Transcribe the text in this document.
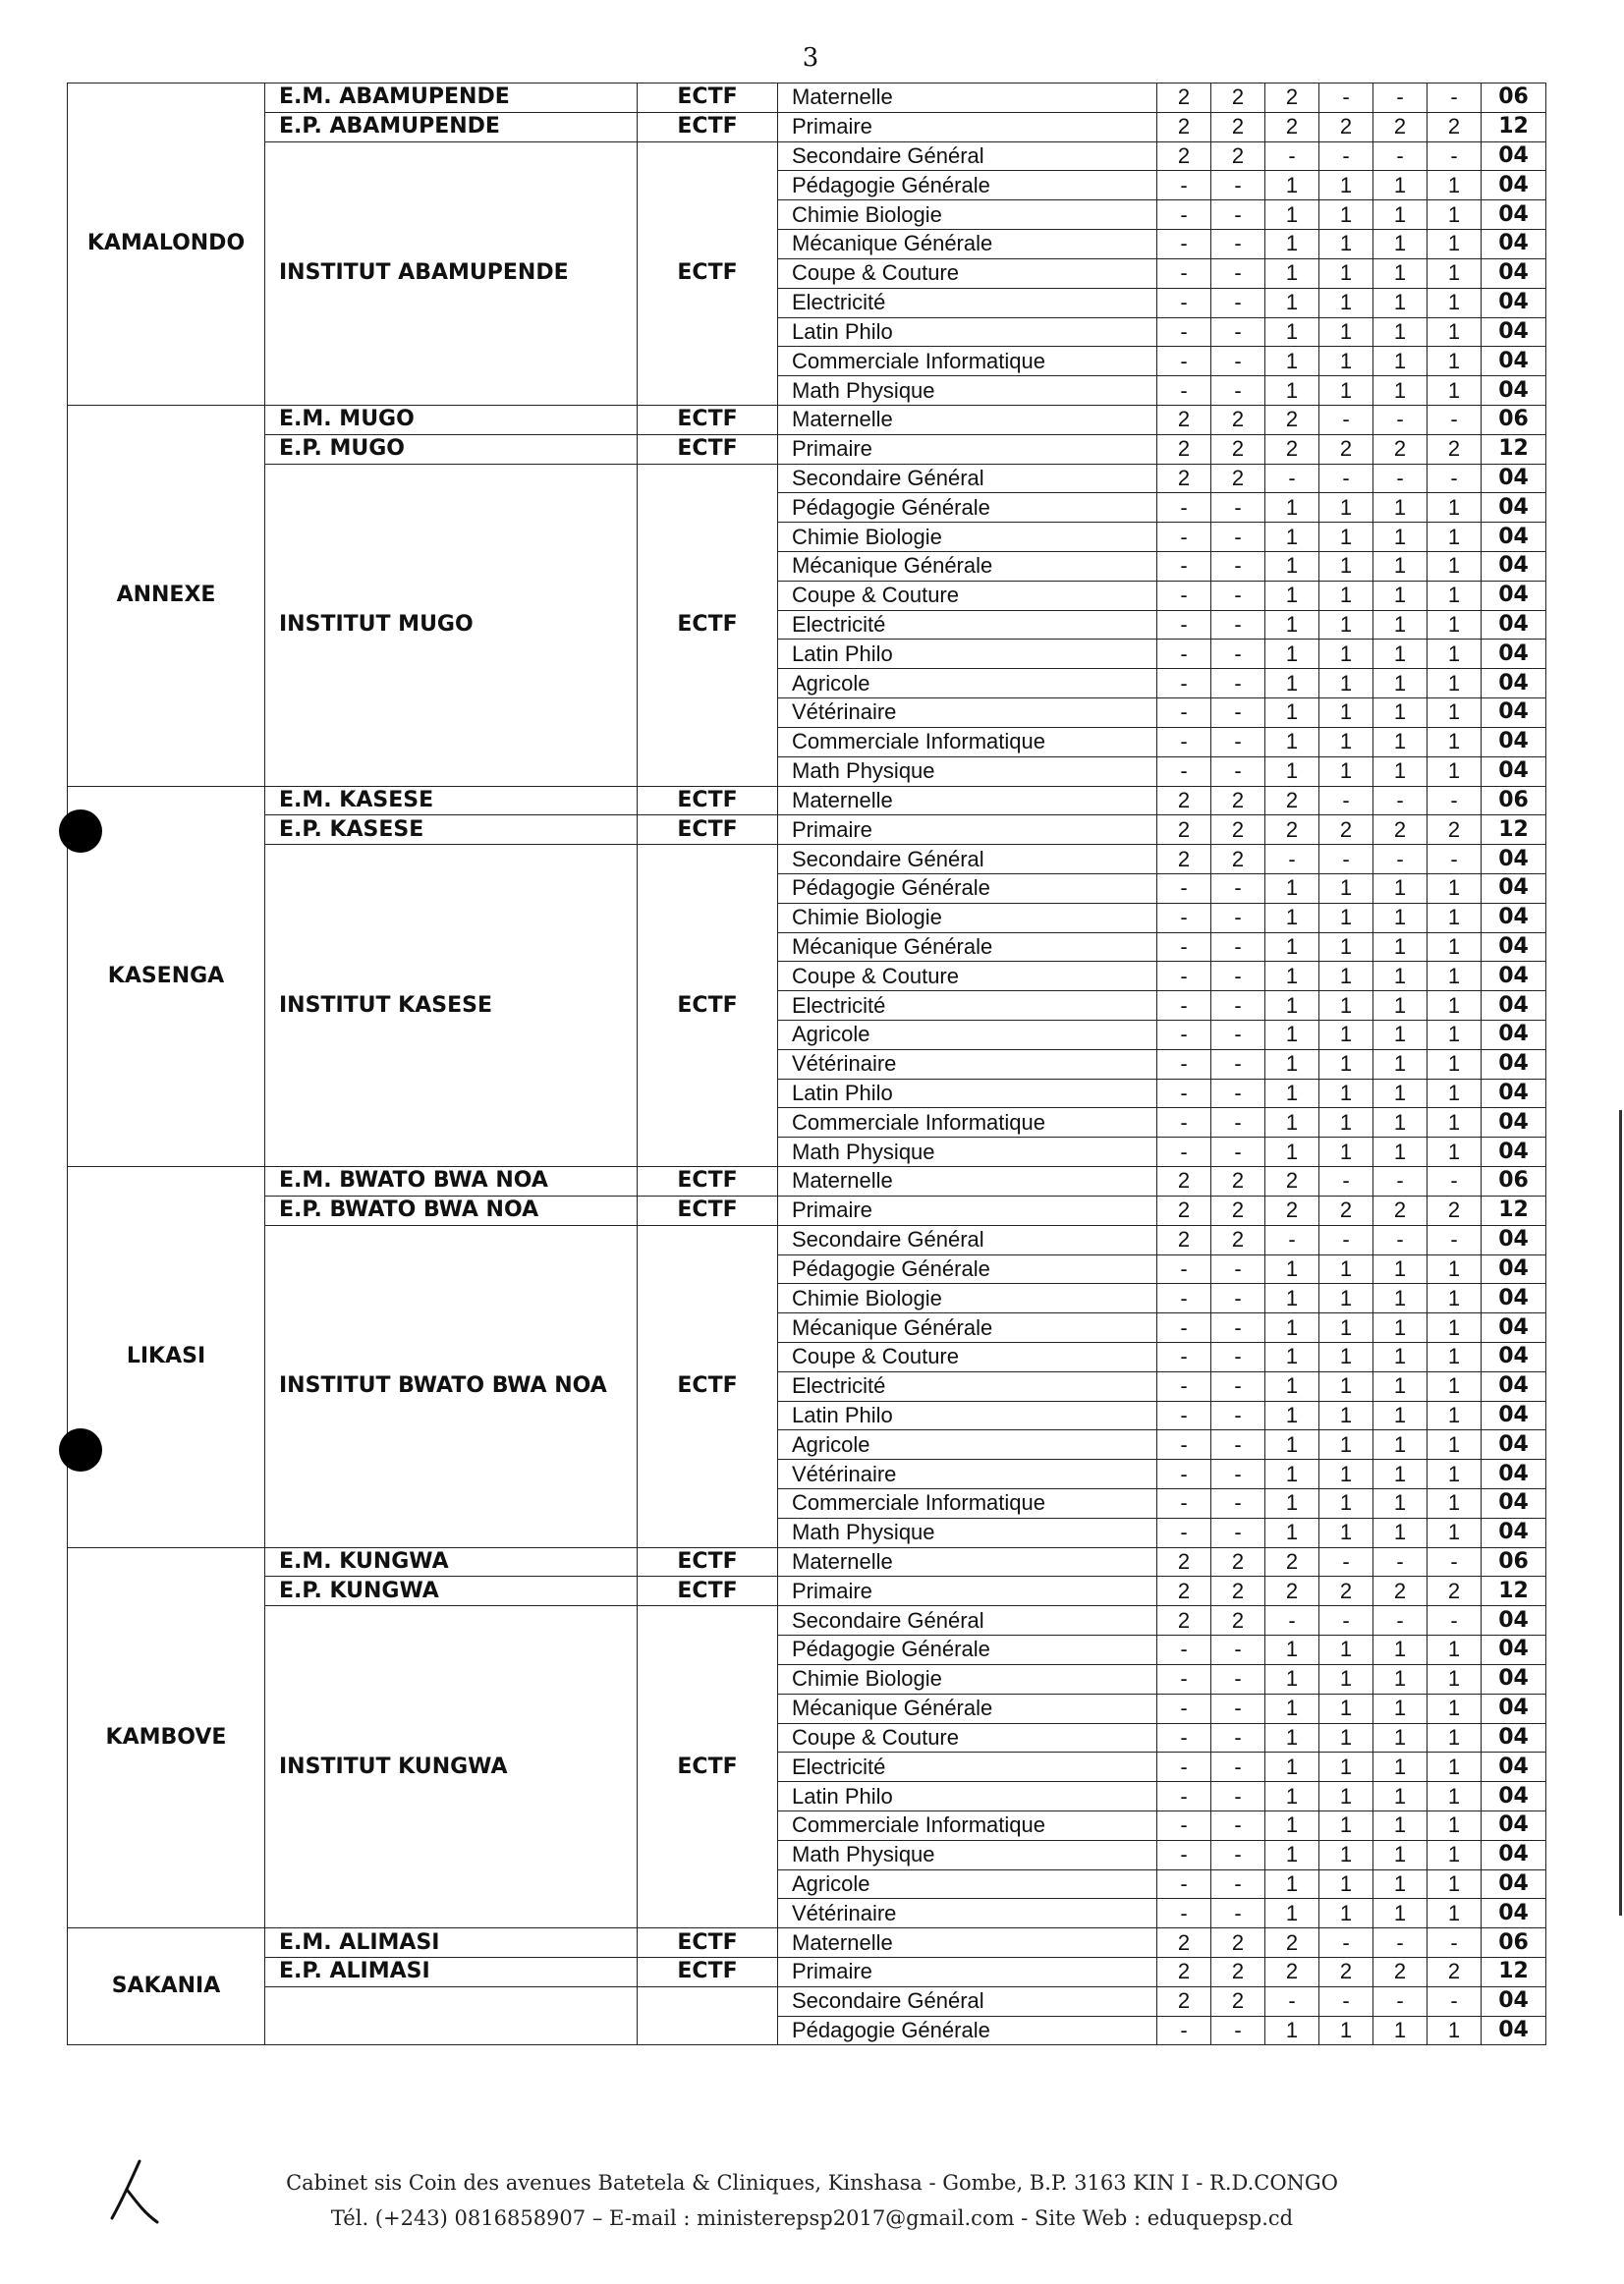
3
KAMALONDO	E.M. ABAMUPENDE	ECTF	Maternelle	2	2	2	-	-	-	06
	E.P. ABAMUPENDE	ECTF	Primaire	2	2	2	2	2	2	12
	INSTITUT ABAMUPENDE	ECTF	Secondaire Général	2	2	-	-	-	-	04
			Pédagogie Générale	-	-	1	1	1	1	04
			Chimie Biologie	-	-	1	1	1	1	04
			Mécanique Générale	-	-	1	1	1	1	04
			Coupe & Couture	-	-	1	1	1	1	04
			Electricité	-	-	1	1	1	1	04
			Latin Philo	-	-	1	1	1	1	04
			Commerciale Informatique	-	-	1	1	1	1	04
			Math Physique	-	-	1	1	1	1	04
ANNEXE	E.M. MUGO	ECTF	Maternelle	2	2	2	-	-	-	06
	E.P. MUGO	ECTF	Primaire	2	2	2	2	2	2	12
	INSTITUT MUGO	ECTF	Secondaire Général	2	2	-	-	-	-	04
			Pédagogie Générale	-	-	1	1	1	1	04
			Chimie Biologie	-	-	1	1	1	1	04
			Mécanique Générale	-	-	1	1	1	1	04
			Coupe & Couture	-	-	1	1	1	1	04
			Electricité	-	-	1	1	1	1	04
			Latin Philo	-	-	1	1	1	1	04
			Agricole	-	-	1	1	1	1	04
			Vétérinaire	-	-	1	1	1	1	04
			Commerciale Informatique	-	-	1	1	1	1	04
			Math Physique	-	-	1	1	1	1	04
KASENGA	E.M. KASESE	ECTF	Maternelle	2	2	2	-	-	-	06
	E.P. KASESE	ECTF	Primaire	2	2	2	2	2	2	12
	INSTITUT KASESE	ECTF	Secondaire Général	2	2	-	-	-	-	04
			Pédagogie Générale	-	-	1	1	1	1	04
			Chimie Biologie	-	-	1	1	1	1	04
			Mécanique Générale	-	-	1	1	1	1	04
			Coupe & Couture	-	-	1	1	1	1	04
			Electricité	-	-	1	1	1	1	04
			Agricole	-	-	1	1	1	1	04
			Vétérinaire	-	-	1	1	1	1	04
			Latin Philo	-	-	1	1	1	1	04
			Commerciale Informatique	-	-	1	1	1	1	04
			Math Physique	-	-	1	1	1	1	04
LIKASI	E.M. BWATO BWA NOA	ECTF	Maternelle	2	2	2	-	-	-	06
	E.P. BWATO BWA NOA	ECTF	Primaire	2	2	2	2	2	2	12
	INSTITUT BWATO BWA NOA	ECTF	Secondaire Général	2	2	-	-	-	-	04
			Pédagogie Générale	-	-	1	1	1	1	04
			Chimie Biologie	-	-	1	1	1	1	04
			Mécanique Générale	-	-	1	1	1	1	04
			Coupe & Couture	-	-	1	1	1	1	04
			Electricité	-	-	1	1	1	1	04
			Latin Philo	-	-	1	1	1	1	04
			Agricole	-	-	1	1	1	1	04
			Vétérinaire	-	-	1	1	1	1	04
			Commerciale Informatique	-	-	1	1	1	1	04
			Math Physique	-	-	1	1	1	1	04
KAMBOVE	E.M. KUNGWA	ECTF	Maternelle	2	2	2	-	-	-	06
	E.P. KUNGWA	ECTF	Primaire	2	2	2	2	2	2	12
	INSTITUT KUNGWA	ECTF	Secondaire Général	2	2	-	-	-	-	04
			Pédagogie Générale	-	-	1	1	1	1	04
			Chimie Biologie	-	-	1	1	1	1	04
			Mécanique Générale	-	-	1	1	1	1	04
			Coupe & Couture	-	-	1	1	1	1	04
			Electricité	-	-	1	1	1	1	04
			Latin Philo	-	-	1	1	1	1	04
			Commerciale Informatique	-	-	1	1	1	1	04
			Math Physique	-	-	1	1	1	1	04
			Agricole	-	-	1	1	1	1	04
			Vétérinaire	-	-	1	1	1	1	04
SAKANIA	E.M. ALIMASI	ECTF	Maternelle	2	2	2	-	-	-	06
	E.P. ALIMASI	ECTF	Primaire	2	2	2	2	2	2	12
			Secondaire Général	2	2	-	-	-	-	04
			Pédagogie Générale	-	-	1	1	1	1	04
Cabinet sis Coin des avenues Batetela & Cliniques, Kinshasa - Gombe, B.P. 3163 KIN I - R.D.CONGO
Tél. (+243) 0816858907 – E-mail : ministerepsp2017@gmail.com - Site Web : eduquepsp.cd
